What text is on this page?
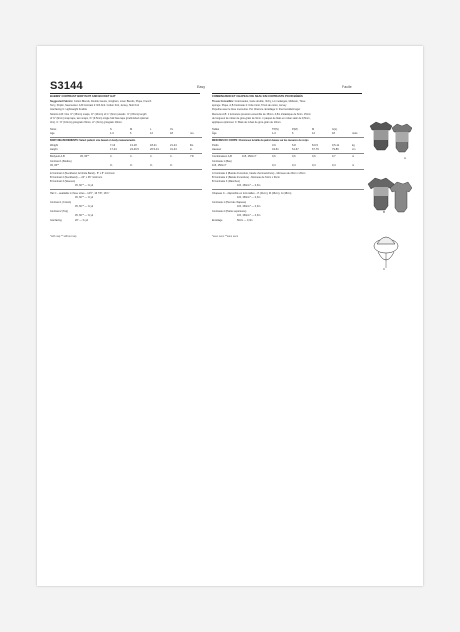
S3144	Easy
BABIES' CONTRAST BODYSUIT AND BUCKET HAT
Suggested Fabrics: Cotton Blends, Double Gauze, Gingham, Linen Blends, Pique, French
Terry, Poplin, Seersucker. A,B Contrast 2: Rib Knit. Cotton Knit, Jersey, Slub Knit
Interfacing C: Lightweight Fusible
Notions A,B: One ⅝" (15mm) snaps, ⅜" (10mm) of ¼" (6mm) elastic. ⅝" (15mm) length
of ⅜" (9mm) snap tape, two snaps, ⅜" (9.5mm) single fold bias tape (prefinished optional
trim). C: ⅜" (10mm) grosgrain ribbon, ⅛" (3mm) grosgrain ribbon.
Sizes	S	M	L	XL
Age	1-3	6	12	18	mo.
BODY MEASUREMENTS: Select pattern size based on body measurements
Weight	7-13	13-18	18-21	21-24	lbs
Height	17-24	24-26.5	26.5-31	31-34	in.
Bodysuit A,B	45, 60"*	¾	¾	¾	¾	YD
Contrast 1 (Bodice)
45, 60"*	⅜	⅜	⅜	⅜
& Contrast 2 (Neckband, Armhole Band) - 8" x 8" minimum
B Contrast 2 (Neckband) — 24" x 36" minimum
B Contrast 3 (Sleeves)
45, 60"* — ⅜ yd
Hat C – available in three sizes – 14½", 16 7/8", 18⅞"
45, 60"* — ⅜ yd
Contrast 1 (Crown)
45, 60"* — ⅜ yd
Contrast 2 (Top)
45, 60"* — ⅜ yd
Interfacing	20" — ⅜ yd
*with nap ** without nap
Facile
COMBINAISON ET CHAPEAU DE SEAU EN CONTRASTE POUR BÉBÉS
Tissus Conseillés: Cotonnades, Gaze double, Vichy, Lin mélangés, Molleton, Tissu
éponge. Pique. A,B Contraste 2: Côte tricot, Tricot de coton, Jersey
Popeline avec le tissu mercerisé. Pur Chanvre. Entoilage C: thermocollant léger
Mercerie A,B: 1 fermeture pression ensemble de 15mm. 3,8m d'élastique de 6mm. 15mm
de longueur de ruban de gros-grain de 9mm. 1 paquet de biais en ruban satin de 9,5mm,
appliques optionnel. C: Biais de ruban de gros-grain de 10mm.
Tailles	TP(S)	P(M)	M	G(L)
Âge	1-3	6	12	18	mois
MESURES DU CORPS: Choisissez la taille du patron basée sur les mesures du corps
Poids	3-6	6-8	8-9,5	9,5-11	kg
Hauteur	43-61	61-67	67-79	79-86	cm
Combinaison A,B	115, 150cm*	0,6	0,6	0,6	0,7	m
Contraste 1 (Bas)
115, 150cm*	0,4	0,4	0,4	0,4	m
A Contraste 2 (Bande d'encolure, bande d'emmanchure) - Morceau de 20cm x 20cm
B Contraste 2 (Bande d'encolure) - Morceau de 61cm x 91cm
B Contraste 3 (Manches)
115, 150cm* — 0,3m
Chapeau C – disponible en trois tailles – P (41cm), M (46cm), G (48cm)
115, 150cm* — 0,3m
Contraste 1 (Pied de chapeau)
115, 150cm* — 0,3m
Contraste 2 (Partie supérieure)
115, 150cm* — 0,3m
Entoilage	50cm — 0,3m
*avec sens **sans sens
A
B
C
